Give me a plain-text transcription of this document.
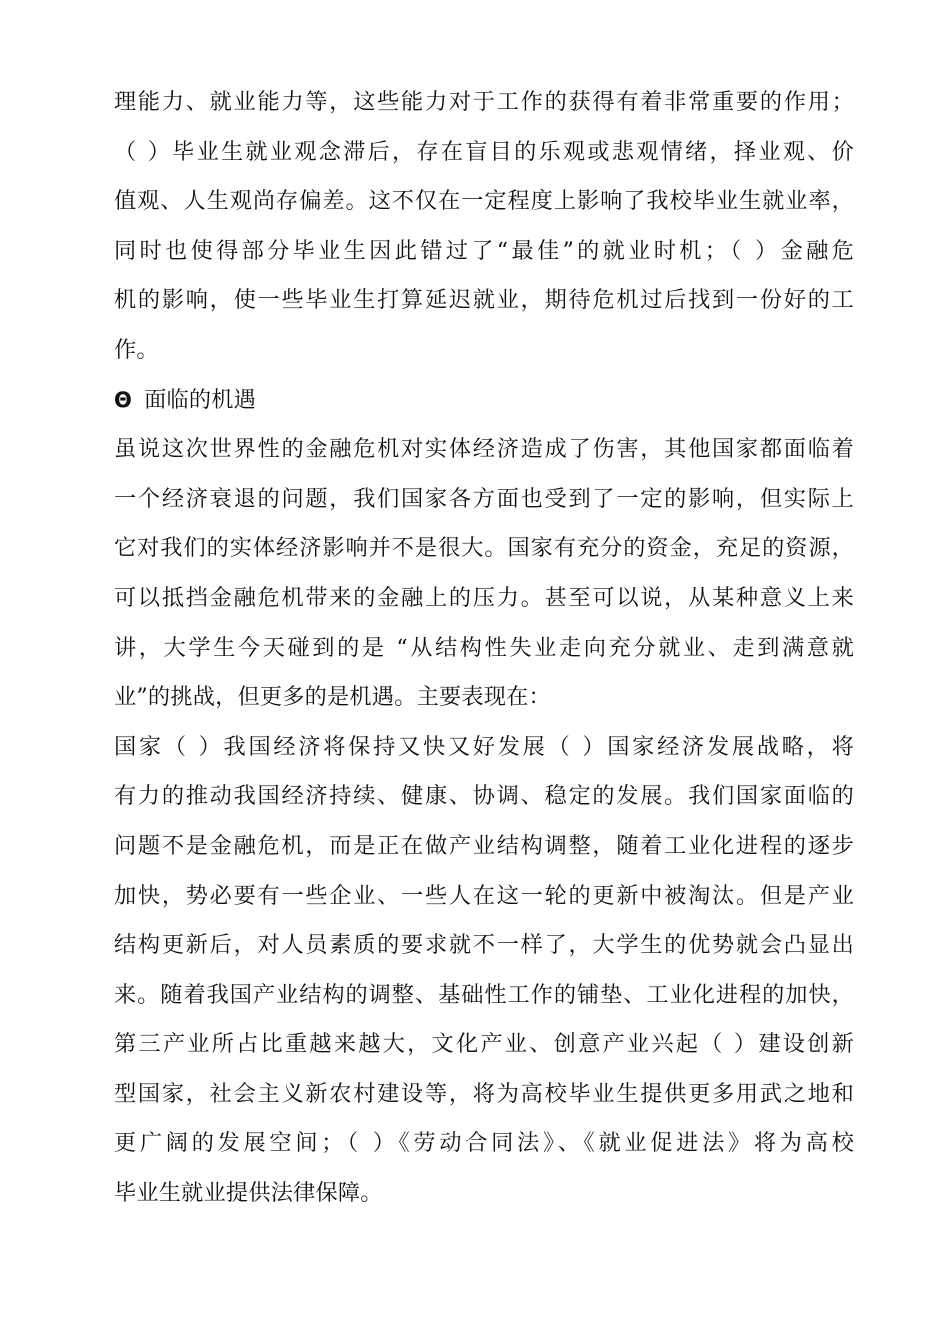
理能力、就业能力等，这些能力对于工作的获得有着非常重要的作用；
（ ）毕业生就业观念滞后，存在盲目的乐观或悲观情绪，择业观、价
值观、人生观尚存偏差。这不仅在一定程度上影响了我校毕业生就业率，
同时也使得部分毕业生因此错过了“最佳”的就业时机；（ ）金融危
机的影响，使一些毕业生打算延迟就业，期待危机过后找到一份好的工
作。
Θ 面临的机遇
虽说这次世界性的金融危机对实体经济造成了伤害，其他国家都面临着
一个经济衰退的问题，我们国家各方面也受到了一定的影响，但实际上
它对我们的实体经济影响并不是很大。国家有充分的资金，充足的资源，
可以抵挡金融危机带来的金融上的压力。甚至可以说，从某种意义上来
讲，大学生今天碰到的是 “从结构性失业走向充分就业、走到满意就
业”的挑战，但更多的是机遇。主要表现在：
国家（ ）我国经济将保持又快又好发展（ ）国家经济发展战略，将
有力的推动我国经济持续、健康、协调、稳定的发展。我们国家面临的
问题不是金融危机，而是正在做产业结构调整，随着工业化进程的逐步
加快，势必要有一些企业、一些人在这一轮的更新中被淘汰。但是产业
结构更新后，对人员素质的要求就不一样了，大学生的优势就会凸显出
来。随着我国产业结构的调整、基础性工作的铺垫、工业化进程的加快，
第三产业所占比重越来越大，文化产业、创意产业兴起（ ）建设创新
型国家，社会主义新农村建设等，将为高校毕业生提供更多用武之地和
更广阔的发展空间；（ ）《劳动合同法》、《就业促进法》将为高校
毕业生就业提供法律保障。
